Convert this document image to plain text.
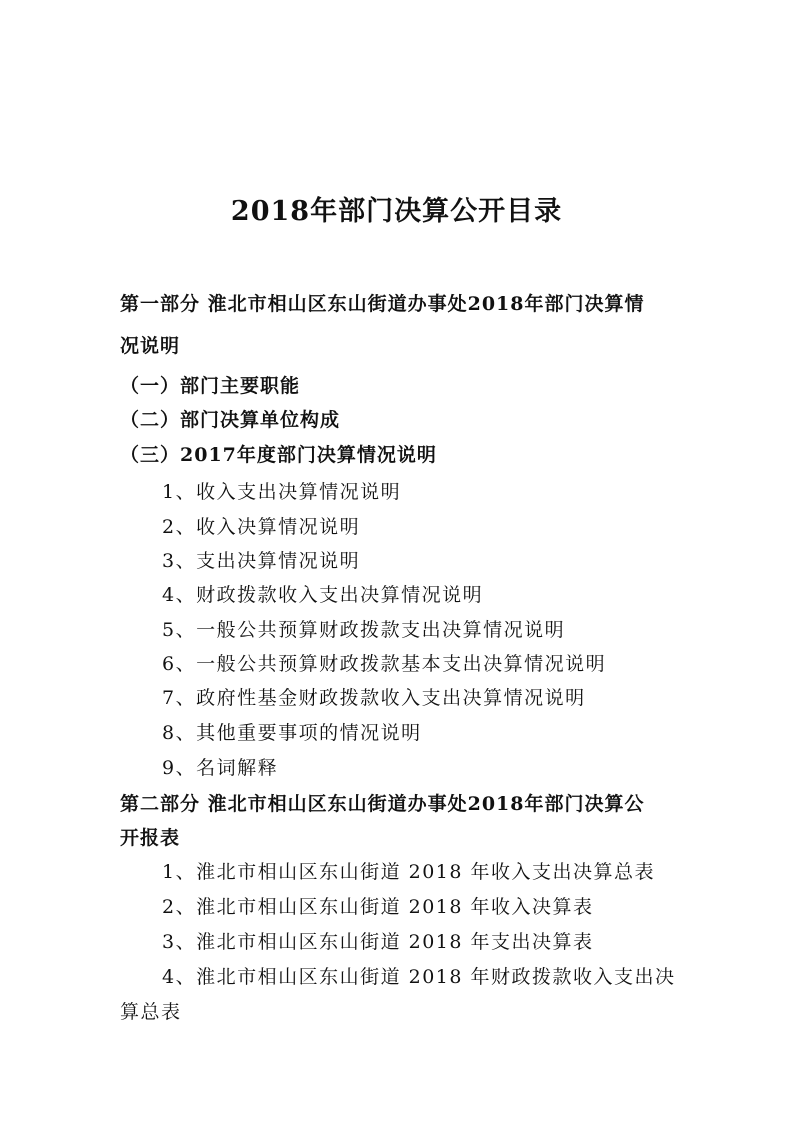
2018年部门决算公开目录
第一部分 淮北市相山区东山街道办事处2018年部门决算情
况说明
（一）部门主要职能
（二）部门决算单位构成
（三）2017年度部门决算情况说明
1、收入支出决算情况说明
2、收入决算情况说明
3、支出决算情况说明
4、财政拨款收入支出决算情况说明
5、一般公共预算财政拨款支出决算情况说明
6、一般公共预算财政拨款基本支出决算情况说明
7、政府性基金财政拨款收入支出决算情况说明
8、其他重要事项的情况说明
9、名词解释
第二部分 淮北市相山区东山街道办事处2018年部门决算公
开报表
1、淮北市相山区东山街道 2018 年收入支出决算总表
2、淮北市相山区东山街道 2018 年收入决算表
3、淮北市相山区东山街道 2018 年支出决算表
4、淮北市相山区东山街道 2018 年财政拨款收入支出决
算总表
